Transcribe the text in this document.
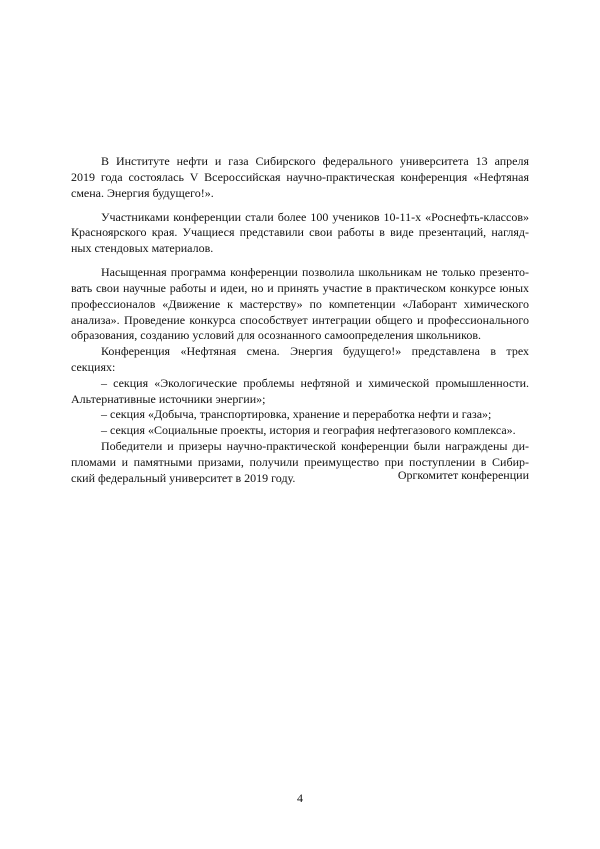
В Институте нефти и газа Сибирского федерального университета 13 апреля
2019 года состоялась V Всероссийская научно-практическая конференция «Нефтяная
смена. Энергия будущего!».
Участниками конференции стали более 100 учеников 10-11-х «Роснефть-классов»
Красноярского края. Учащиеся представили свои работы в виде презентаций, нагляд-
ных стендовых материалов.
Насыщенная программа конференции позволила школьникам не только презенто-
вать свои научные работы и идеи, но и принять участие в практическом конкурсе юных
профессионалов «Движение к мастерству» по компетенции «Лаборант химического
анализа». Проведение конкурса способствует интеграции общего и профессионального
образования, созданию условий для осознанного самоопределения школьников.
Конференция «Нефтяная смена. Энергия будущего!» представлена в трех
секциях:
– секция «Экологические проблемы нефтяной и химической промышленности.
Альтернативные источники энергии»;
– секция «Добыча, транспортировка, хранение и переработка нефти и газа»;
– секция «Социальные проекты, история и география нефтегазового комплекса».
Победители и призеры научно-практической конференции были награждены ди-
пломами и памятными призами, получили преимущество при поступлении в Сибир-
ский федеральный университет в 2019 году.	Оргкомитет конференции
4
